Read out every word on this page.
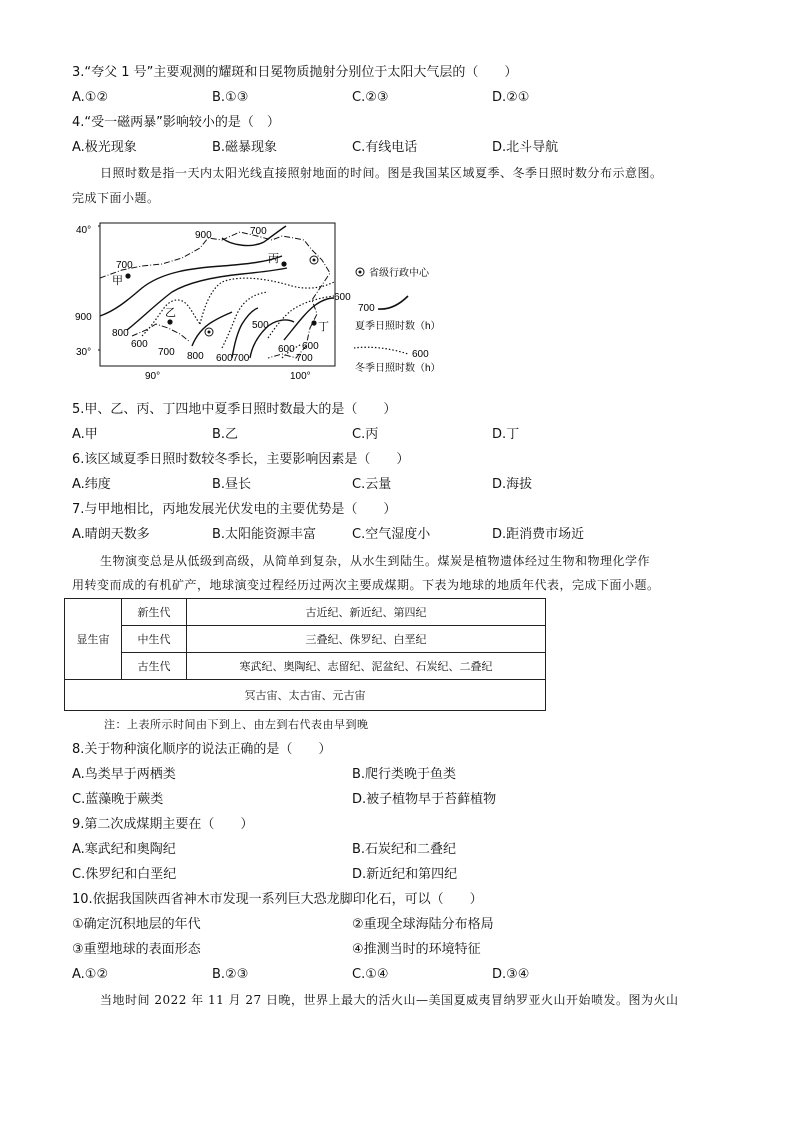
3.“夸父 1 号”主要观测的耀斑和日冕物质抛射分别位于太阳大气层的（　　）
A.①②	B.①③	C.②③	D.②①
4.“受一磁两暴”影响较小的是（　）
A.极光现象	B.磁暴现象	C.有线电话	D.北斗导航
日照时数是指一天内太阳光线直接照射地面的时间。图是我国某区域夏季、冬季日照时数分布示意图。
完成下面小题。
40°
30°
90°	100°
900
900	700
700
600
800
600
700 800 600700
500
600
700
600
甲
乙
丙
丁
省级行政中心
700
夏季日照时数（h）
600
冬季日照时数（h）
5.甲、乙、丙、丁四地中夏季日照时数最大的是（　　）
A.甲	B.乙	C.丙	D.丁
6.该区域夏季日照时数较冬季长，主要影响因素是（　　）
A.纬度	B.昼长	C.云量	D.海拔
7.与甲地相比，丙地发展光伏发电的主要优势是（　　）
A.晴朗天数多	B.太阳能资源丰富	C.空气湿度小	D.距消费市场近
生物演变总是从低级到高级，从简单到复杂，从水生到陆生。煤炭是植物遗体经过生物和物理化学作
用转变而成的有机矿产，地球演变过程经历过两次主要成煤期。下表为地球的地质年代表，完成下面小题。
显生宙	新生代	古近纪、新近纪、第四纪
	中生代	三叠纪、侏罗纪、白垩纪
	古生代	寒武纪、奥陶纪、志留纪、泥盆纪、石炭纪、二叠纪
冥古宙、太古宙、元古宙		
注：上表所示时间由下到上、由左到右代表由早到晚
8.关于物种演化顺序的说法正确的是（　　）
A.鸟类早于两栖类	B.爬行类晚于鱼类
C.蓝藻晚于蕨类	D.被子植物早于苔藓植物
9.第二次成煤期主要在（　　）
A.寒武纪和奥陶纪	B.石炭纪和二叠纪
C.侏罗纪和白垩纪	D.新近纪和第四纪
10.依据我国陕西省神木市发现一系列巨大恐龙脚印化石，可以（　　）
①确定沉积地层的年代	②重现全球海陆分布格局
③重塑地球的表面形态	④推测当时的环境特征
A.①②	B.②③	C.①④	D.③④
当地时间 2022 年 11 月 27 日晚，世界上最大的活火山—美国夏威夷冒纳罗亚火山开始喷发。图为火山
